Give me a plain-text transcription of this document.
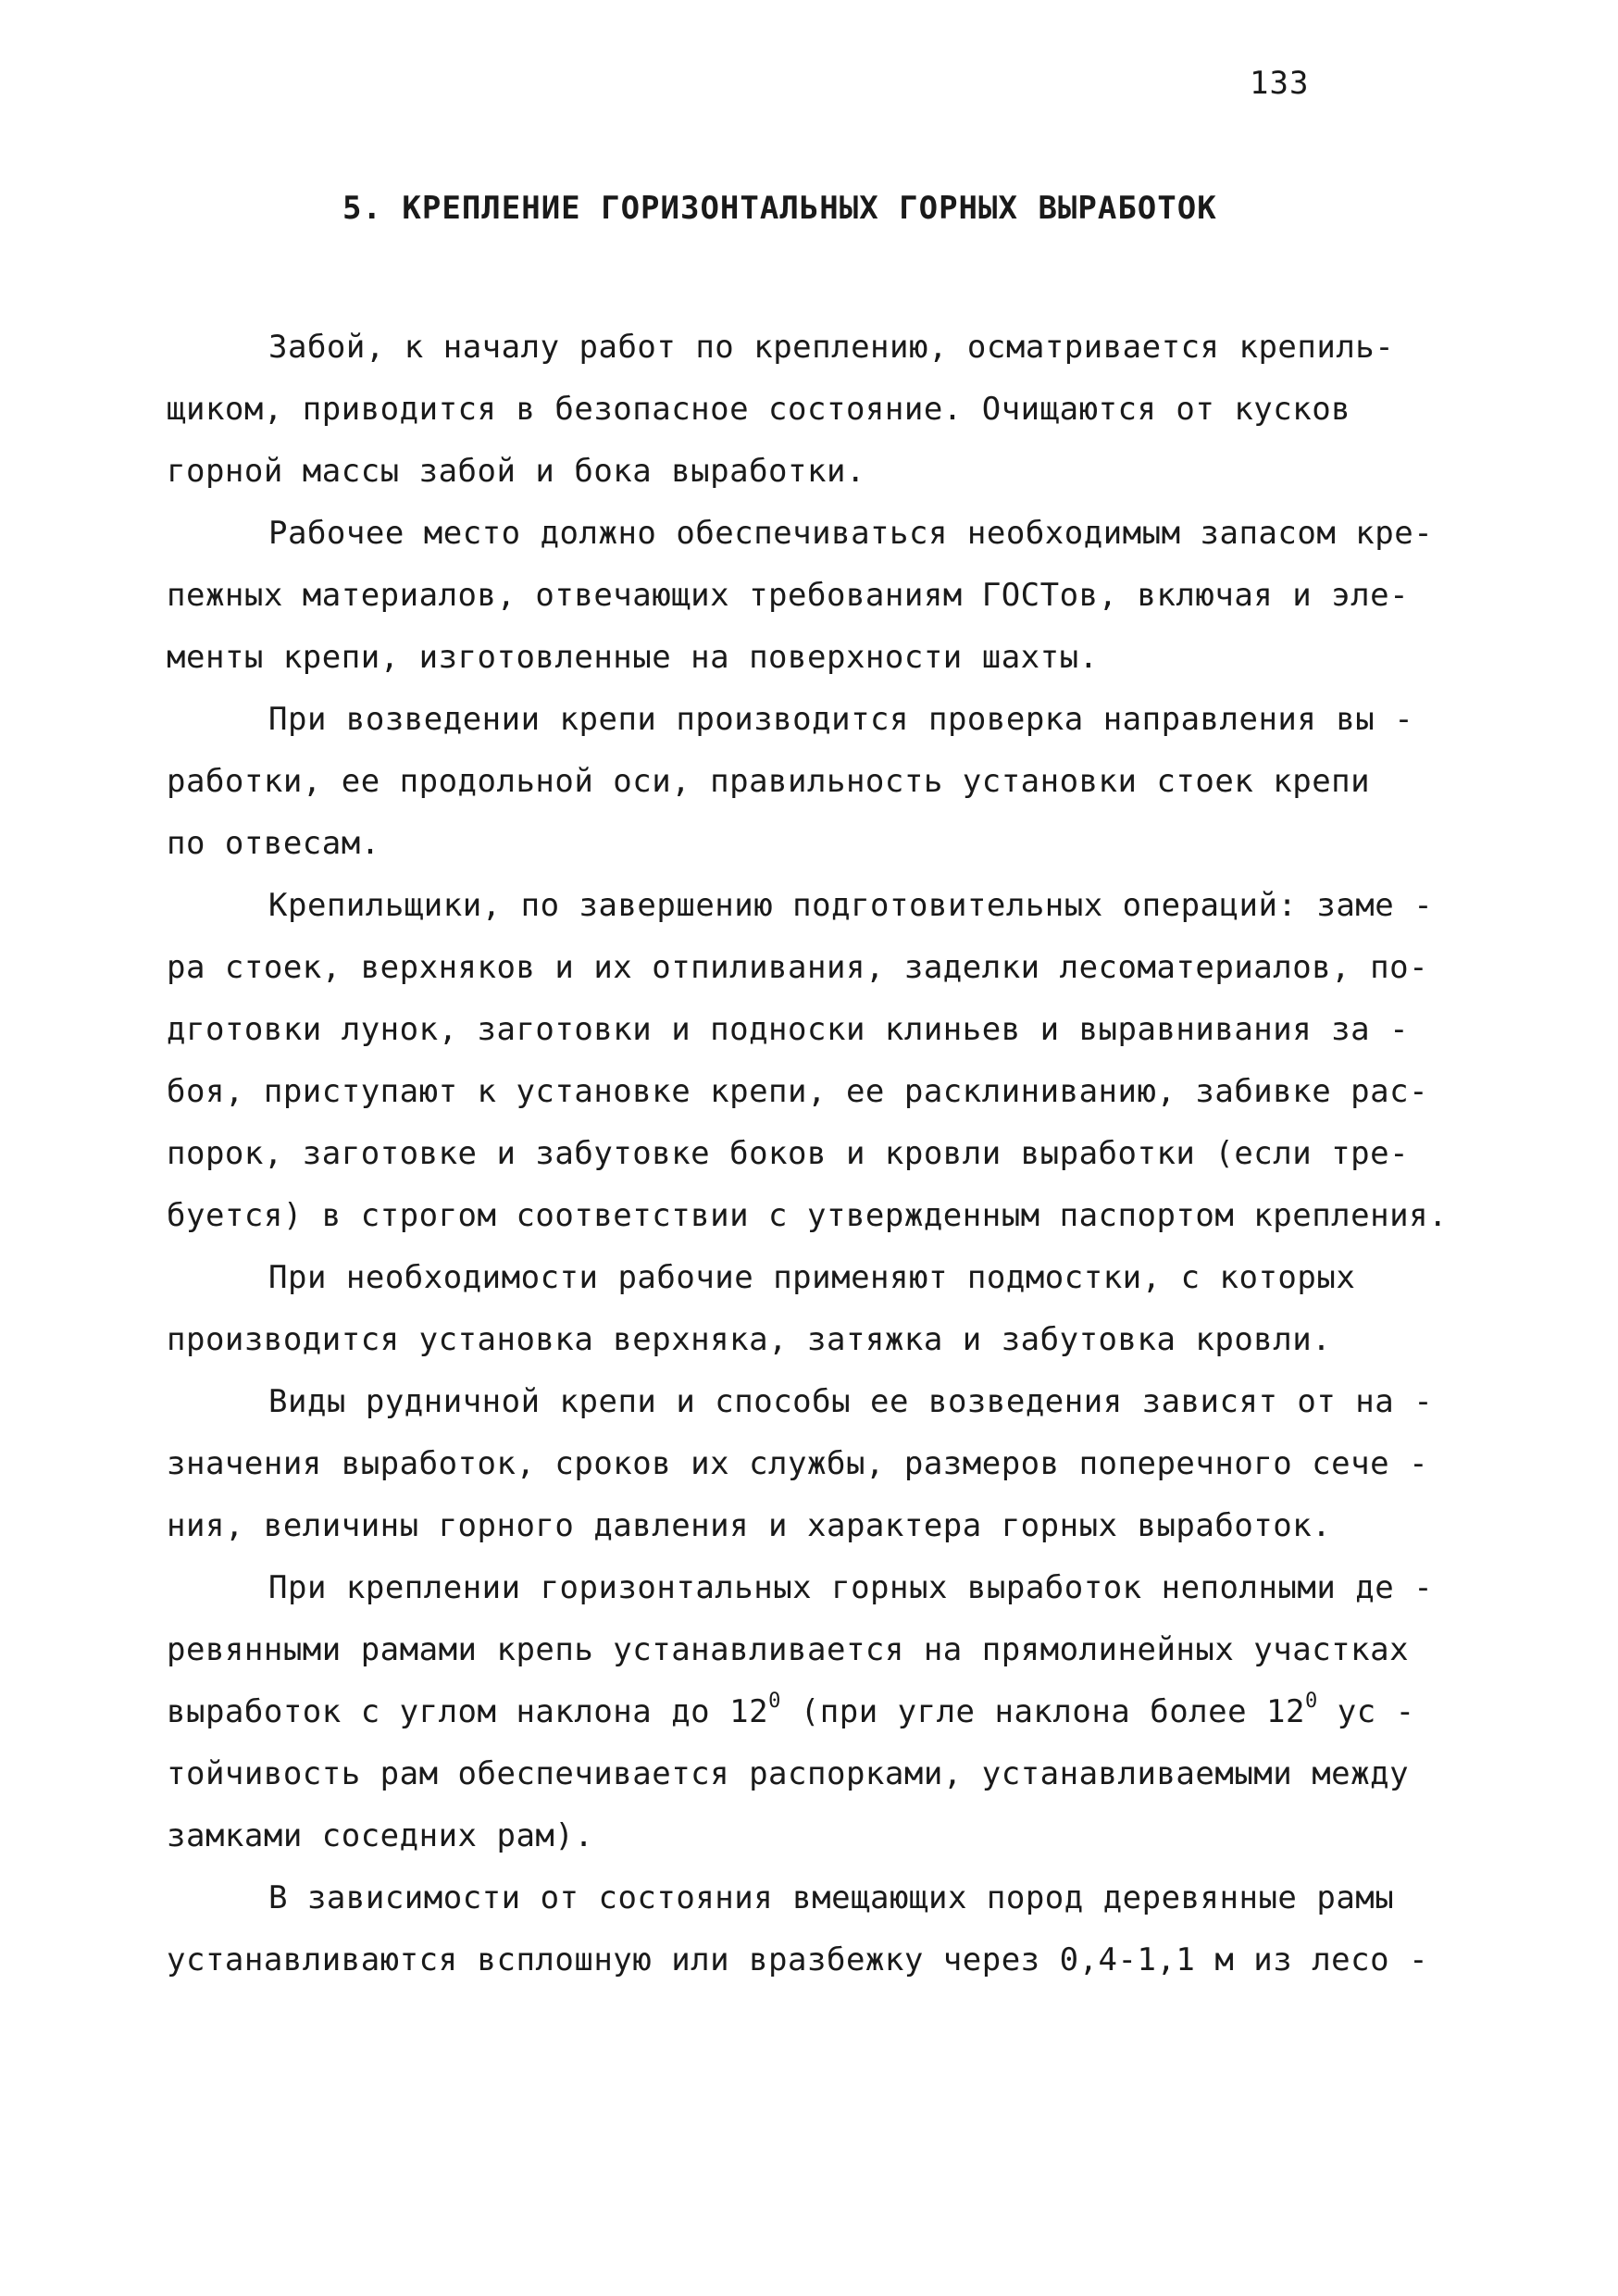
133
5. КРЕПЛЕНИЕ ГОРИЗОНТАЛЬНЫХ ГОРНЫХ ВЫРАБОТОК
Забой, к началу работ по креплению, осматривается крепиль-
щиком, приводится в безопасное состояние. Очищаются от кусков
горной массы забой и бока выработки.
Рабочее место должно обеспечиваться необходимым запасом кре-
пежных материалов, отвечающих требованиям ГОСТов, включая и эле-
менты крепи, изготовленные на поверхности шахты.
При возведении крепи производится проверка направления вы -
работки, ее продольной оси, правильность установки стоек крепи
по отвесам.
Крепильщики, по завершению подготовительных операций: заме -
ра стоек, верхняков и их отпиливания, заделки лесоматериалов, по-
дготовки лунок, заготовки и подноски клиньев и выравнивания за -
боя, приступают к установке крепи, ее расклиниванию, забивке рас-
порок, заготовке и забутовке боков и кровли выработки (если тре-
буется) в строгом соответствии с утвержденным паспортом крепления.
При необходимости рабочие применяют подмостки, с которых
производится установка верхняка, затяжка и забутовка кровли.
Виды рудничной крепи и способы ее возведения зависят от на -
значения выработок, сроков их службы, размеров поперечного сече -
ния, величины горного давления и характера горных выработок.
При креплении горизонтальных горных выработок неполными де -
ревянными рамами крепь устанавливается на прямолинейных участках
выработок с углом наклона до $12^0$ (при угле наклона более $12^0$ ус -
тойчивость рам обеспечивается распорками, устанавливаемыми между
замками соседних рам).
В зависимости от состояния вмещающих пород деревянные рамы
устанавливаются всплошную или вразбежку через 0,4-1,1 м из лесо -
